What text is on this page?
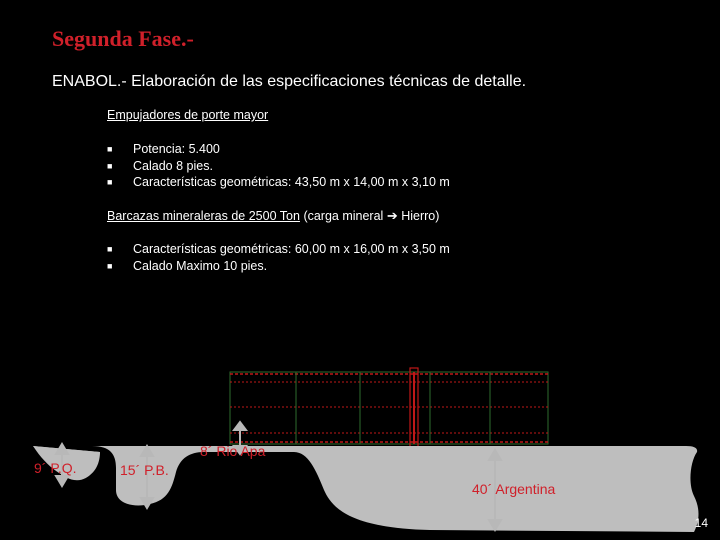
Segunda Fase.-
ENABOL.- Elaboración de las especificaciones técnicas de detalle.
Empujadores de porte mayor
■ Potencia: 5.400
■ Calado 8 pies.
■ Características geométricas: 43,50 m x 14,00 m x 3,10 m
Barcazas mineraleras de 2500 Ton (carga mineral ➔ Hierro)
■ Características geométricas: 60,00 m x 16,00 m x 3,50 m
■ Calado Maximo 10 pies.
9´ P.Q.	15´ P.B.
8´ Rio Apa
40´ Argentina
14
